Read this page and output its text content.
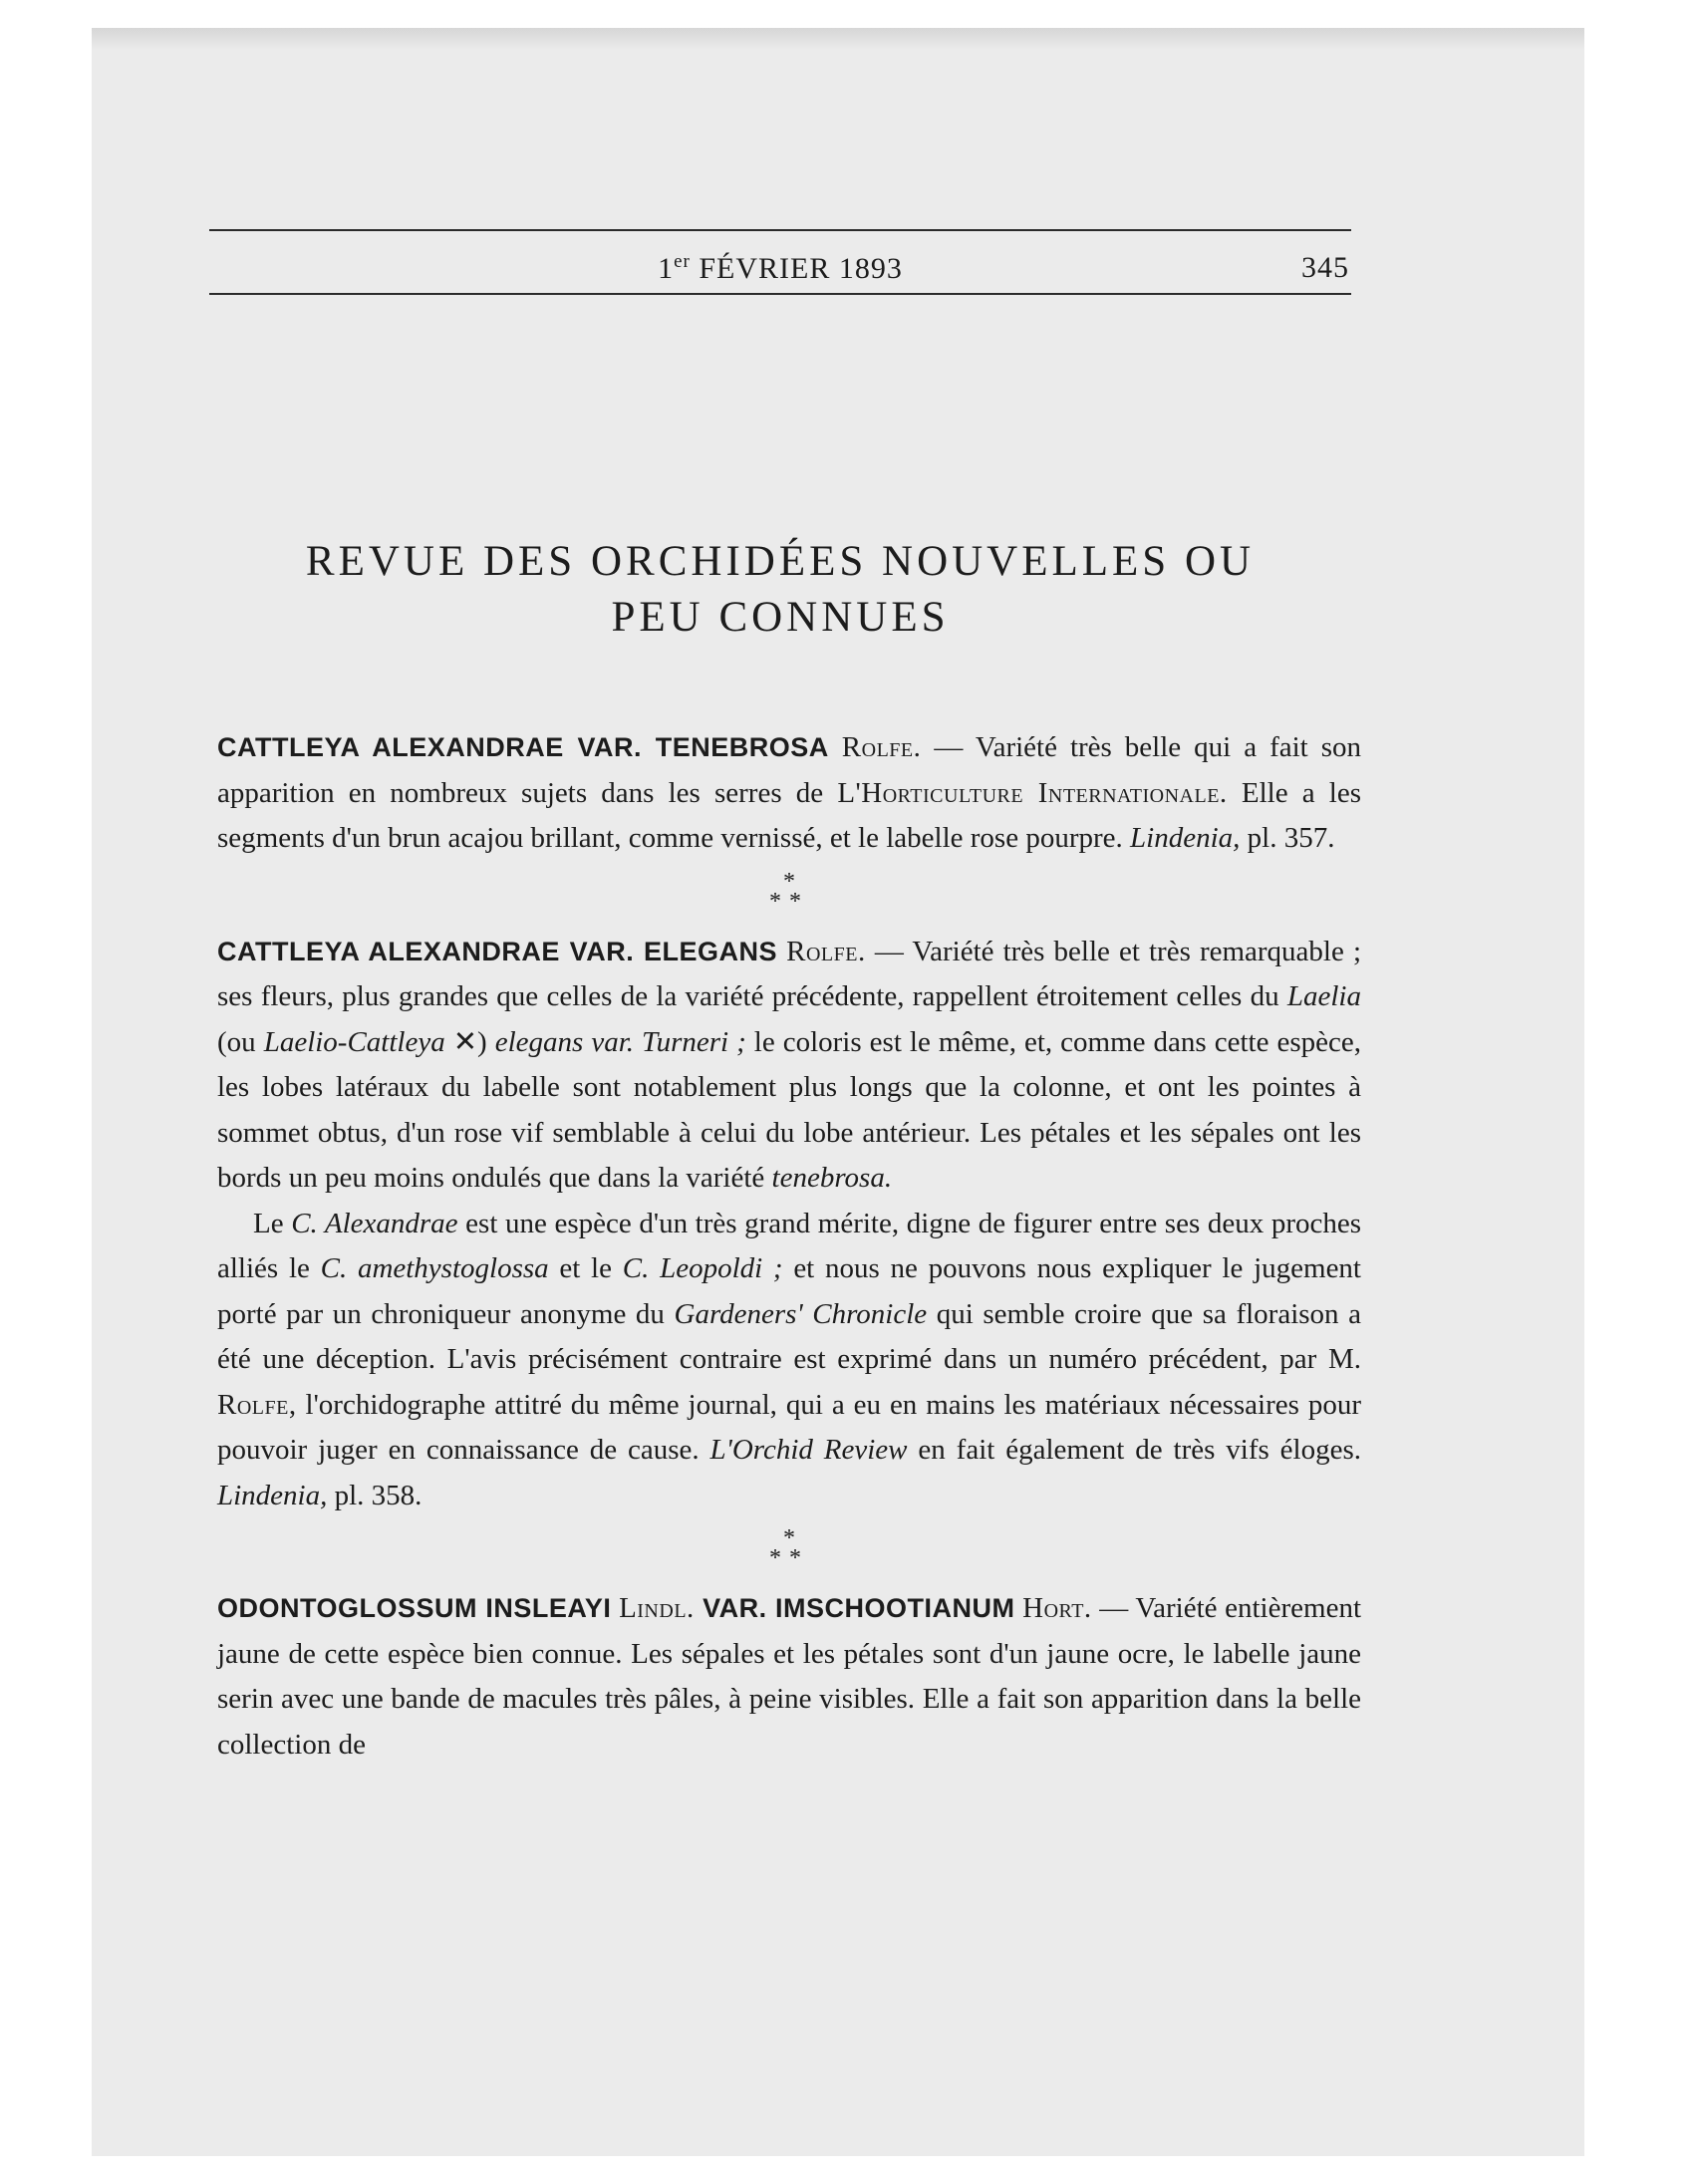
1er FÉVRIER 1893	345
REVUE DES ORCHIDÉES NOUVELLES OU
PEU CONNUES

CATTLEYA ALEXANDRAE VAR. TENEBROSA Rolfe. — Variété très belle qui a fait son apparition en nombreux sujets dans les serres de L'Horticulture Internationale. Elle a les segments d'un brun acajou brillant, comme vernissé, et le labelle rose pourpre. Lindenia, pl. 357.

*
**

CATTLEYA ALEXANDRAE VAR. ELEGANS Rolfe. — Variété très belle et très remarquable ; ses fleurs, plus grandes que celles de la variété précédente, rappellent étroitement celles du Laelia (ou Laelio-Cattleya ✕) elegans var. Turneri ; le coloris est le même, et, comme dans cette espèce, les lobes latéraux du labelle sont notablement plus longs que la colonne, et ont les pointes à sommet obtus, d'un rose vif semblable à celui du lobe antérieur. Les pétales et les sépales ont les bords un peu moins ondulés que dans la variété tenebrosa.

Le C. Alexandrae est une espèce d'un très grand mérite, digne de figurer entre ses deux proches alliés le C. amethystoglossa et le C. Leopoldi ; et nous ne pouvons nous expliquer le jugement porté par un chroniqueur anonyme du Gardeners' Chronicle qui semble croire que sa floraison a été une déception. L'avis précisément contraire est exprimé dans un numéro précédent, par M. Rolfe, l'orchidographe attitré du même journal, qui a eu en mains les matériaux nécessaires pour pouvoir juger en connaissance de cause. L'Orchid Review en fait également de très vifs éloges. Lindenia, pl. 358.

*
**

ODONTOGLOSSUM INSLEAYI Lindl. VAR. IMSCHOOTIANUM Hort. — Variété entièrement jaune de cette espèce bien connue. Les sépales et les pétales sont d'un jaune ocre, le labelle jaune serin avec une bande de macules très pâles, à peine visibles. Elle a fait son apparition dans la belle collection de
